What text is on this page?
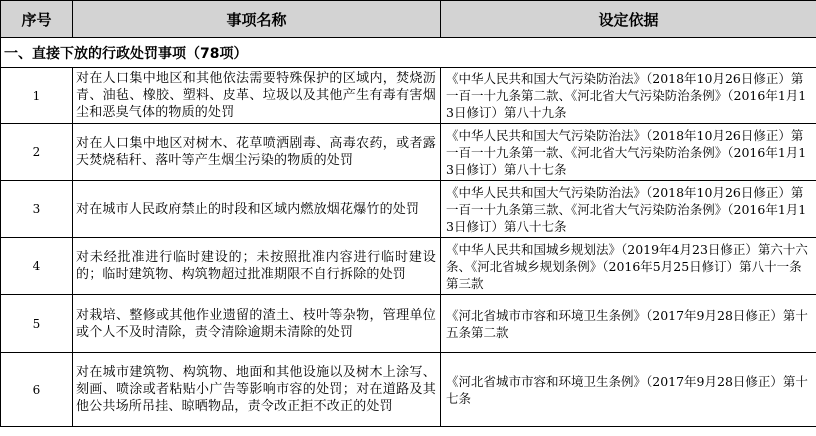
序号	事项名称	设定依据
一、直接下放的行政处罚事项（78项）		
1	对在人口集中地区和其他依法需要特殊保护的区域内，焚烧沥青、油毡、橡胶、塑料、皮革、垃圾以及其他产生有毒有害烟尘和恶臭气体的物质的处罚	《中华人民共和国大气污染防治法》（2018年10月26日修正）第一百一十九条第二款、《河北省大气污染防治条例》（2016年1月13日修订）第八十九条
2	对在人口集中地区对树木、花草喷洒剧毒、高毒农药，或者露天焚烧秸秆、落叶等产生烟尘污染的物质的处罚	《中华人民共和国大气污染防治法》（2018年10月26日修正）第一百一十九条第一款、《河北省大气污染防治条例》（2016年1月13日修订）第八十七条
3	对在城市人民政府禁止的时段和区域内燃放烟花爆竹的处罚	《中华人民共和国大气污染防治法》（2018年10月26日修正）第一百一十九条第三款、《河北省大气污染防治条例》（2016年1月13日修订）第八十七条
4	对未经批准进行临时建设的；未按照批准内容进行临时建设的；临时建筑物、构筑物超过批准期限不自行拆除的处罚	《中华人民共和国城乡规划法》（2019年4月23日修正）第六十六条、《河北省城乡规划条例》（2016年5月25日修订）第八十一条第三款
5	对栽培、整修或其他作业遗留的渣土、枝叶等杂物，管理单位或个人不及时清除，责令清除逾期未清除的处罚	《河北省城市市容和环境卫生条例》（2017年9月28日修正）第十五条第二款
6	对在城市建筑物、构筑物、地面和其他设施以及树木上涂写、刻画、喷涂或者粘贴小广告等影响市容的处罚；对在道路及其他公共场所吊挂、晾晒物品，责令改正拒不改正的处罚	《河北省城市市容和环境卫生条例》（2017年9月28日修正）第十七条
